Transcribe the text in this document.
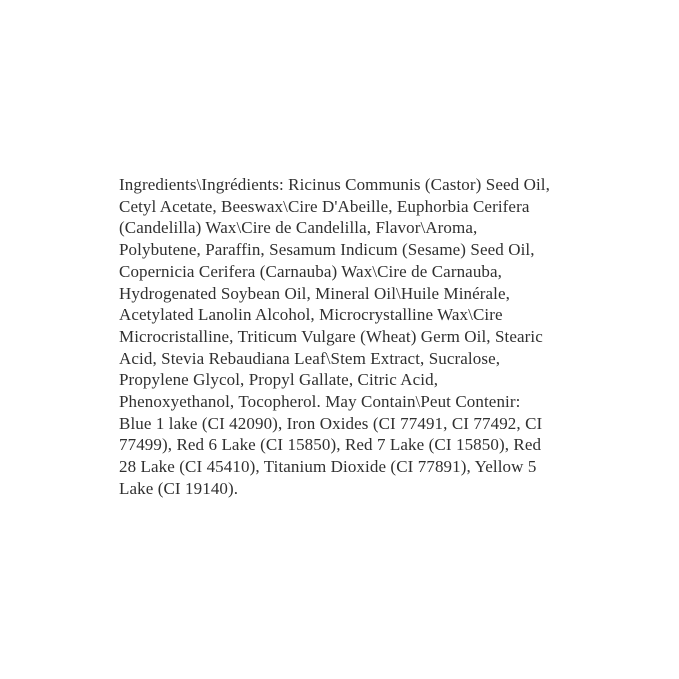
Ingredients\Ingrédients: Ricinus Communis (Castor) Seed Oil,
Cetyl Acetate, Beeswax\Cire D'Abeille, Euphorbia Cerifera
(Candelilla) Wax\Cire de Candelilla, Flavor\Aroma,
Polybutene, Paraffin, Sesamum Indicum (Sesame) Seed Oil,
Copernicia Cerifera (Carnauba) Wax\Cire de Carnauba,
Hydrogenated Soybean Oil, Mineral Oil\Huile Minérale,
Acetylated Lanolin Alcohol, Microcrystalline Wax\Cire
Microcristalline, Triticum Vulgare (Wheat) Germ Oil, Stearic
Acid, Stevia Rebaudiana Leaf\Stem Extract, Sucralose,
Propylene Glycol, Propyl Gallate, Citric Acid,
Phenoxyethanol, Tocopherol. May Contain\Peut Contenir:
Blue 1 lake (CI 42090), Iron Oxides (CI 77491, CI 77492, CI
77499), Red 6 Lake (CI 15850), Red 7 Lake (CI 15850), Red
28 Lake (CI 45410), Titanium Dioxide (CI 77891), Yellow 5
Lake (CI 19140).
